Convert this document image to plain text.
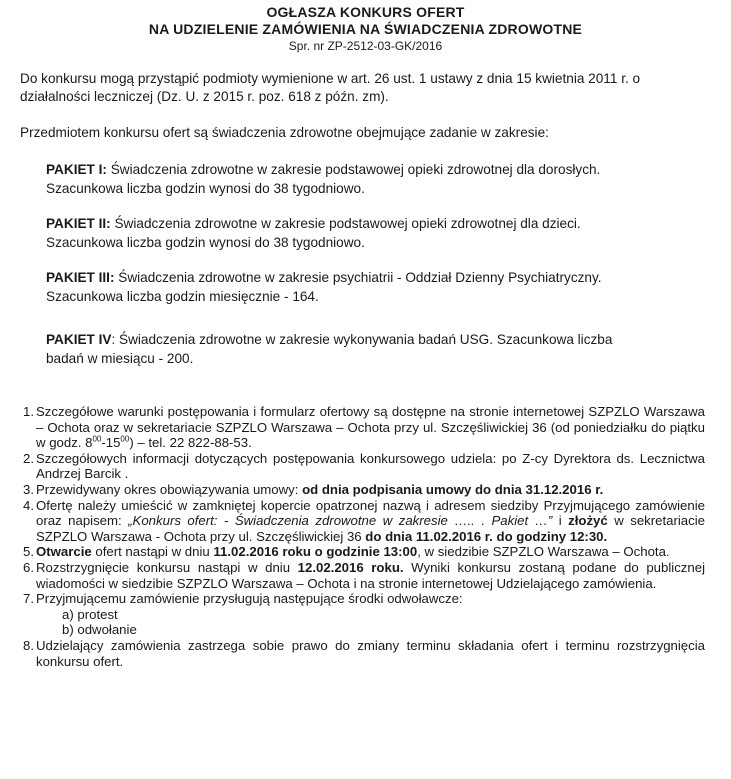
OGŁASZA KONKURS OFERT
NA UDZIELENIE ZAMÓWIENIA NA ŚWIADCZENIA ZDROWOTNE
Spr. nr ZP-2512-03-GK/2016
Do konkursu mogą przystąpić podmioty wymienione w art. 26 ust. 1 ustawy z dnia 15 kwietnia 2011 r. o działalności leczniczej (Dz. U. z 2015 r. poz. 618 z późn. zm).
Przedmiotem konkursu ofert są świadczenia zdrowotne obejmujące zadanie w zakresie:
PAKIET I: Świadczenia zdrowotne w zakresie podstawowej opieki zdrowotnej dla dorosłych.
Szacunkowa liczba godzin wynosi do 38 tygodniowo.
PAKIET II: Świadczenia zdrowotne w zakresie podstawowej opieki zdrowotnej dla dzieci.
Szacunkowa liczba godzin wynosi do 38 tygodniowo.
PAKIET III: Świadczenia zdrowotne w zakresie psychiatrii - Oddział Dzienny Psychiatryczny.
Szacunkowa liczba godzin miesięcznie - 164.
PAKIET IV: Świadczenia zdrowotne w zakresie wykonywania badań USG. Szacunkowa liczba
badań w miesiącu - 200.
1. Szczegółowe warunki postępowania i formularz ofertowy są dostępne na stronie internetowej SZPZLO Warszawa – Ochota oraz w sekretariacie SZPZLO Warszawa – Ochota przy ul. Szczęśliwickiej 36 (od poniedziałku do piątku w godz. $8^{00}-15^{00}$) – tel. 22 822-88-53.
2. Szczegółowych informacji dotyczących postępowania konkursowego udziela: po Z-cy Dyrektora ds. Lecznictwa Andrzej Barcik .
3. Przewidywany okres obowiązywania umowy: od dnia podpisania umowy do dnia 31.12.2016 r.
4. Ofertę należy umieścić w zamkniętej kopercie opatrzonej nazwą i adresem siedziby Przyjmującego zamówienie oraz napisem: „Konkurs ofert: - Świadczenia zdrowotne w zakresie ….. . Pakiet …” i złożyć w sekretariacie SZPZLO Warszawa - Ochota przy ul. Szczęśliwickiej 36 do dnia 11.02.2016 r. do godziny 12:30.
5. Otwarcie ofert nastąpi w dniu 11.02.2016 roku o godzinie 13:00, w siedzibie SZPZLO Warszawa – Ochota.
6. Rozstrzygnięcie konkursu nastąpi w dniu 12.02.2016 roku. Wyniki konkursu zostaną podane do publicznej wiadomości w siedzibie SZPZLO Warszawa – Ochota i na stronie internetowej Udzielającego zamówienia.
7. Przyjmującemu zamówienie przysługują następujące środki odwoławcze:
a) protest
b) odwołanie
8. Udzielający zamówienia zastrzega sobie prawo do zmiany terminu składania ofert i terminu rozstrzygnięcia konkursu ofert.
